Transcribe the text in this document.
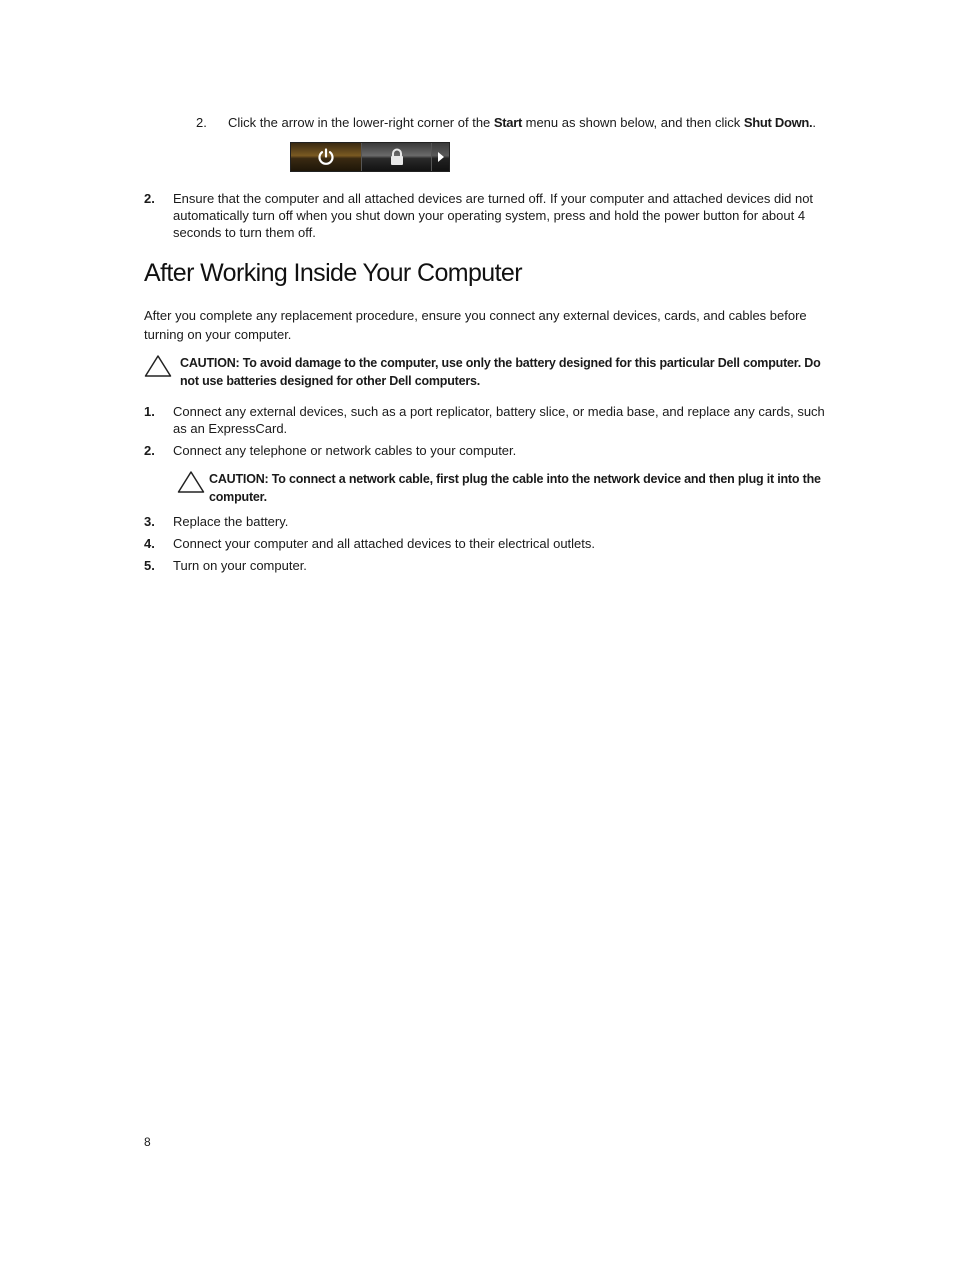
2. Click the arrow in the lower-right corner of the Start menu as shown below, and then click Shut Down..
2. Ensure that the computer and all attached devices are turned off. If your computer and attached devices did not automatically turn off when you shut down your operating system, press and hold the power button for about 4 seconds to turn them off.
After Working Inside Your Computer
After you complete any replacement procedure, ensure you connect any external devices, cards, and cables before turning on your computer.
CAUTION: To avoid damage to the computer, use only the battery designed for this particular Dell computer. Do not use batteries designed for other Dell computers.
1. Connect any external devices, such as a port replicator, battery slice, or media base, and replace any cards, such as an ExpressCard.
2. Connect any telephone or network cables to your computer.
CAUTION: To connect a network cable, first plug the cable into the network device and then plug it into the computer.
3. Replace the battery.
4. Connect your computer and all attached devices to their electrical outlets.
5. Turn on your computer.
8
